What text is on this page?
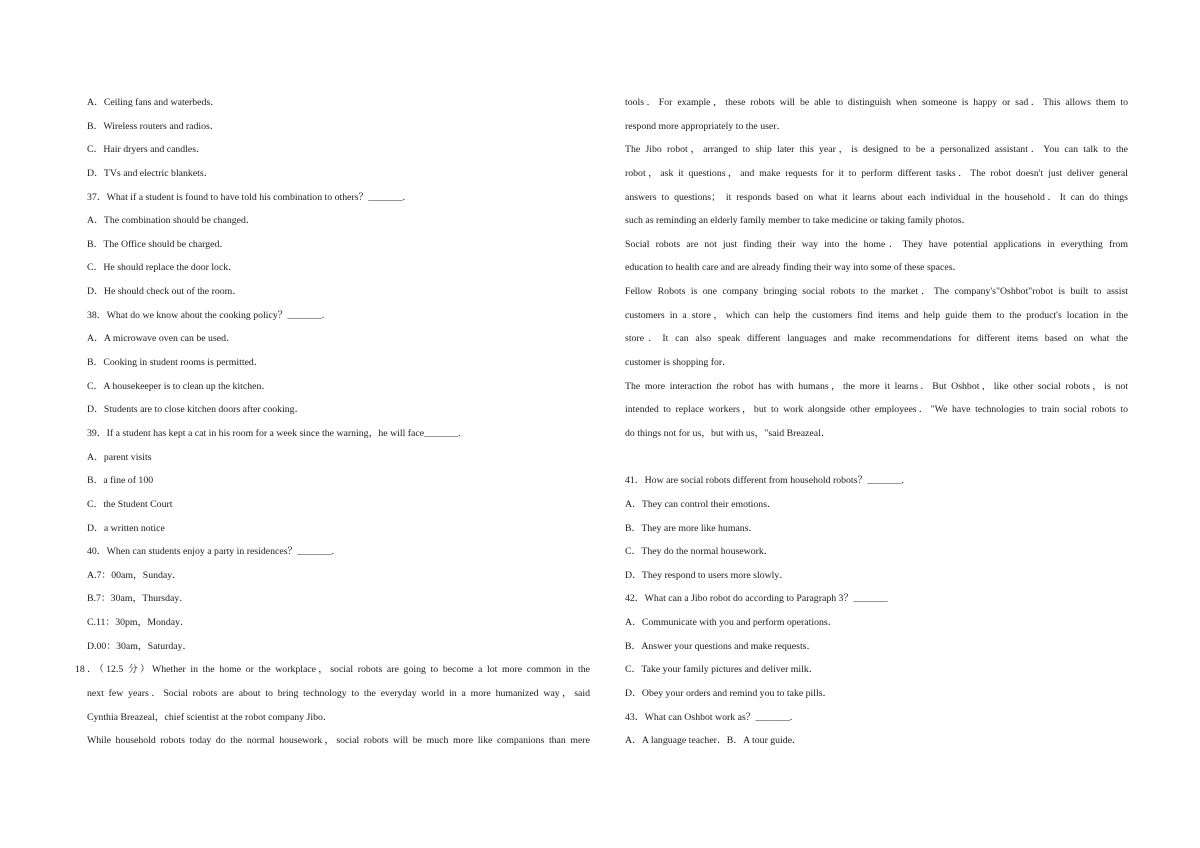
A．Ceiling fans and waterbeds．
B．Wireless routers and radios．
C．Hair dryers and candles．
D．TVs and electric blankets．
37．What if a student is found to have told his combination to others？_______.
A．The combination should be changed．
B．The Office should be charged．
C．He should replace the door lock．
D．He should check out of the room．
38．What do we know about the cooking policy？_______.
A．A microwave oven can be used．
B．Cooking in student rooms is permitted．
C．A housekeeper is to clean up the kitchen．
D．Students are to close kitchen doors after cooking．
39．If a student has kept a cat in his room for a week since the warning，he will face_______.
A．parent visits
B．a fine of 100
C．the Student Court
D．a written notice
40．When can students enjoy a party in residences？_______.
A.7：00am，Sunday．
B.7：30am，Thursday．
C.11：30pm，Monday．
D.00：30am，Saturday．
18．（12.5 分）Whether in the home or the workplace，social robots are going to become a lot more common in the
next few years．Social robots are about to bring technology to the everyday world in a more humanized way，said
Cynthia Breazeal，chief scientist at the robot company Jibo．
While household robots today do the normal housework，social robots will be much more like companions than mere
tools．For example，these robots will be able to distinguish when someone is happy or sad．This allows them to
respond more appropriately to the user．
The Jibo robot，arranged to ship later this year，is designed to be a personalized assistant．You can talk to the
robot，ask it questions，and make requests for it to perform different tasks．The robot doesn't just deliver general
answers to questions； it responds based on what it learns about each individual in the household．It can do things
such as reminding an elderly family member to take medicine or taking family photos．
Social robots are not just finding their way into the home．They have potential applications in everything from
education to health care and are already finding their way into some of these spaces．
Fellow Robots is one company bringing social robots to the market．The company's"Oshbot"robot is built to assist
customers in a store，which can help the customers find items and help guide them to the product's location in the
store．It can also speak different languages and make recommendations for different items based on what the
customer is shopping for．
The more interaction the robot has with humans，the more it learns．But Oshbot，like other social robots，is not
intended to replace workers，but to work alongside other employees．"We have technologies to train social robots to
do things not for us，but with us，"said Breazeal．
41．How are social robots different from household robots？_______.
A．They can control their emotions．
B．They are more like humans．
C．They do the normal housework．
D．They respond to users more slowly．
42．What can a Jibo robot do according to Paragraph 3？_______
A．Communicate with you and perform operations．
B．Answer your questions and make requests．
C．Take your family pictures and deliver milk．
D．Obey your orders and remind you to take pills．
43．What can Oshbot work as？_______.
A．A language teacher．B．A tour guide．
